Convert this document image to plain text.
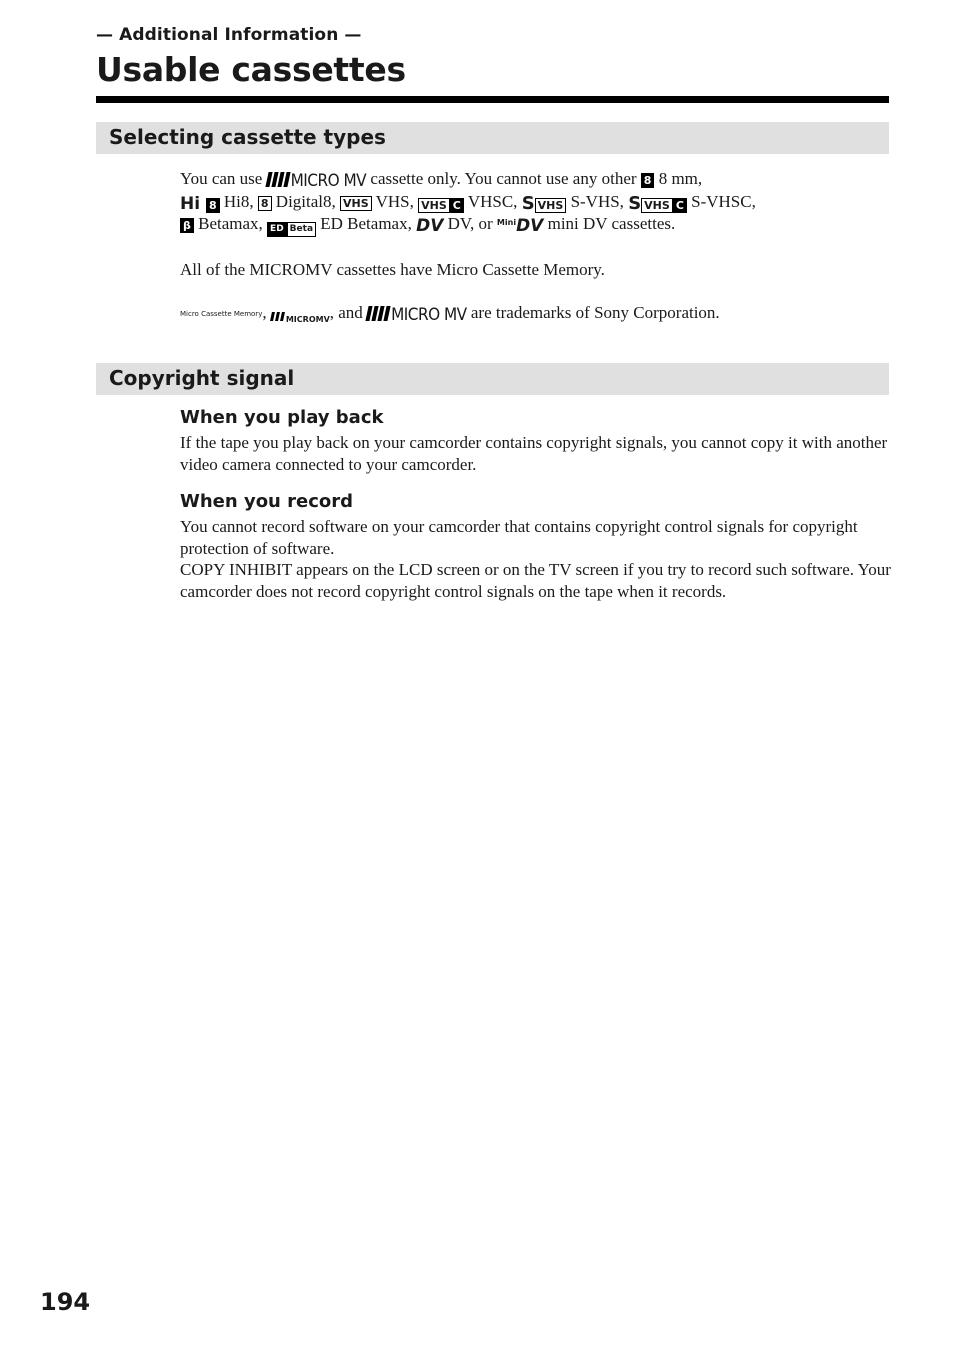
— Additional Information —
Usable cassettes
Selecting cassette types

You can use MICRO MV cassette only. You cannot use any other 8 8 mm,
Hi 8 Hi8, 8 Digital8, VHS VHS, VHS C VHSC, S VHS S-VHS, S VHS C S-VHSC,
β Betamax, ED Beta ED Betamax, DV DV, or $^{Mini}$DV mini DV cassettes.

All of the MICROMV cassettes have Micro Cassette Memory.

Micro Cassette Memory, MICROMV, and MICRO MV are trademarks of Sony Corporation.

Copyright signal
When you play back

If the tape you play back on your camcorder contains copyright signals, you cannot copy it with another video camera connected to your camcorder.

When you record

You cannot record software on your camcorder that contains copyright control signals for copyright protection of software.

COPY INHIBIT appears on the LCD screen or on the TV screen if you try to record such software. Your camcorder does not record copyright control signals on the tape when it records.

194
